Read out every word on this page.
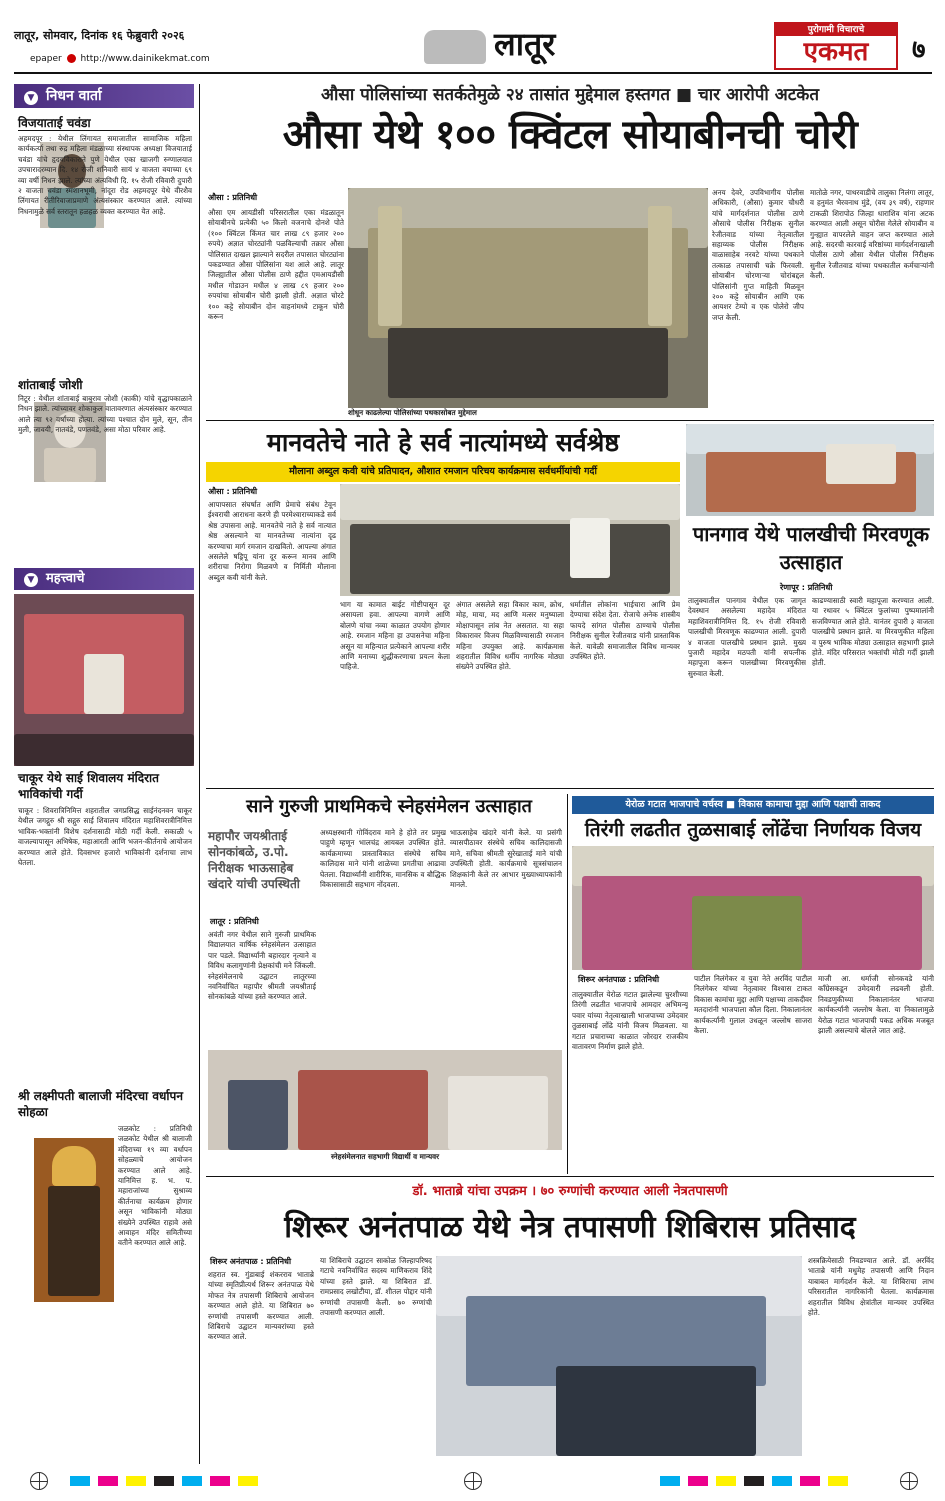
लातूर, सोमवार, दिनांक १६ फेब्रुवारी २०२६
epaper http://www.dainikekmat.com	लातूर	पुरोगामी विचाराचे
एकमत	७
▼ निधन वार्ता
विजयाताई चवंडा
अहमदपूर : येथील लिंगायत समाजातील सामाजिक महिला कार्यकर्त्या तथा रुद्र महिला मंडळाच्या संस्थापक अध्यक्षा विजयाताई चवंडा यांचे हृदयविकाराने पुणे येथील एका खाजगी रुग्णालयात उपचारादरम्यान दि. १४ रोजी शनिवारी सायं ४ वाजता वयाच्या ६९ व्या वर्षी निधन झाले. त्यांच्या अंत्यविधी दि. १५ रोजी रविवारी दुपारी २ वाजता चवंडा स्मशानभूमी, नांदूरा रोड अहमदपूर येथे वीरशैव लिंगायत रीतीरिवाजाप्रमाणे अंत्यसंस्कार करण्यात आले. त्यांच्या निधनामुळे सर्व स्तरातून हळहळ व्यक्त करण्यात येत आहे.
शांताबाई जोशी
निटूर : येथील शांताबाई बाबुराव जोशी (काकी) यांचे वृद्धापकाळाने निधन झाले. त्यांच्यावर शोकाकुल वातावरणात अंत्यसंस्कार करण्यात आले त्या ९२ वर्षांच्या होत्या. त्यांच्या पश्चात दोन मुले, सून, तीन मुली, जावयी, नातवंडे, पणतवंडे, असा मोठा परिवार आहे.
▼ महत्त्वाचे
चाकूर येथे साई शिवालय मंदिरात भाविकांची गर्दी
चाकूर : शिवरात्रिनिमित्त शहरातील जगप्रसिद्ध साईनंदनवन चाकूर येथील जगद्गुरु श्री सद्गुरु साई शिवालय मंदिरात महाशिवरात्रीनिमित्त भाविक-भक्तांनी विशेष दर्शनासाठी मोठी गर्दी केली. सकाळी ५ वाजल्यापासून अभिषेक, महाआरती आणि भजन-कीर्तनाचे आयोजन करण्यात आले होते. दिवसभर हजारो भाविकांनी दर्शनाचा लाभ घेतला.
श्री लक्ष्मीपती बालाजी मंदिरचा वर्धापन सोहळा
जळकोट : प्रतिनिधी जळकोट येथील श्री बालाजी मंदिराच्या १९ व्या वर्धापन सोहळ्याचे आयोजन करण्यात आले आहे. यानिमित्त ह. भ. प. महाराजांच्या सुश्राव्य कीर्तनाचा कार्यक्रम होणार असून भाविकांनी मोठ्या संख्येने उपस्थित राहावे असे आवाहन मंदिर समितीच्या वतीने करण्यात आले आहे.
औसा पोलिसांच्या सतर्कतेमुळे २४ तासांत मुद्देमाल हस्तगत ■ चार आरोपी अटकेत
औसा येथे १०० क्विंटल सोयाबीनची चोरी
औसा : प्रतिनिधी
औसा एम आयडीसी परिसरातील एका मंडळातून सोयाबीनचे प्रत्येकी ५० किलो वजनाचे दोनशे पोते (१०० क्विंटल किंमत चार लाख ८९ हजार २०० रुपये) अज्ञात चोरट्यांनी पळविल्याची तक्रार औसा पोलिसात दाखल झाल्याने सदरील तपासात चोरट्यांना पकडण्यात औसा पोलिसांना यश आले आहे. लातूर जिल्ह्यातील औसा पोलीस ठाणे हद्दीत एमआयडीसी मधील गोडाउन मधील ४ लाख ८९ हजार २०० रुपयांचा सोयाबीन चोरी झाली होती. अज्ञात चोरटे १०० कट्टे सोयाबीन दोन वाहनांमध्ये टाकून चोरी करून
शोधून काढलेल्या पोलिसांच्या पथकासोबत मुद्देमाल
अनय देवरे, उपविभागीय पोलीस अधिकारी, (औसा) कुमार चौधरी यांचे मार्गदर्शनात पोलीस ठाणे औसाचे पोलीस निरीक्षक सुनील रेजीतवाड यांच्या नेतृत्वातील सहाय्यक पोलीस निरीक्षक वाळासाहेब नरवटे यांच्या पथकाने तत्काळ तपासाची चक्रे फिरवली. सोयाबीन चोरणाऱ्या चोरांबद्दल पोलिसांनी गुप्त माहिती मिळवून २०० कट्टे सोयाबीन आणि एक आयशर टेम्पो व एक पोलेरो जीप जप्त केली.
मातोळे नगर, पाथरवाडीचे तालुका निलंगा लातूर, व हनुमंत भैरवनाथ मुंडे, (वय ३९ वर्ष), राहणार टाकळी शिरापोठ जिल्हा धाराशिव यांना अटक करण्यात आली असून चोरीस गेलेले सोयाबीन व गुन्ह्यात वापरलेले वाहन जप्त करण्यात आले आहे. सदरची कारवाई वरिष्ठांच्या मार्गदर्शनाखाली पोलीस ठाणे औसा येथील पोलीस निरीक्षक सुनील रेजीतवाड यांच्या पथकातील कर्मचाऱ्यांनी केली.
मानवतेचे नाते हे सर्व नात्यांमध्ये सर्वश्रेष्ठ
मौलाना अब्दुल कवी यांचे प्रतिपादन, औशात रमजान परिचय कार्यक्रमास सर्वधर्मीयांची गर्दी
औसा : प्रतिनिधी
आपापसात संघर्षात आणि प्रेमाचे संबंध टेवून ईश्वराची आराधना करणे ही परमेश्वाराच्याकडे सर्व श्रेष्ठ उपासना आहे. मानवतेचे नाते हे सर्व नात्यात श्रेष्ठ असल्याने या मानवतेच्या नात्यांना दृढ करण्याचा मार्ग रमजान दाखवितो. आपल्या अंगात असलेले षड्रिपू यांना दूर करून मानव आणि शरीराचा निरोगा मिळवणे व निर्मिती मौलाना अब्दुल कवी यांनी केले.
भाग या कामात बाईट गोष्टीपासून दूर असायला हवा. आपल्या वागणे आणि बोलणे यांचा नव्या काळात उपयोग होणार आहे. रमजान महिना हा उपासनेचा महिना असून या महिन्यात प्रत्येकाने आपल्या शरीर आणि मनाच्या शुद्धीकरणाचा प्रयत्न केला पाहिजे.
अंगात असलेले सहा विकार काम, क्रोध, मोह, माया, मद आणि मत्सर मनुष्याला मोक्षापासून लांब नेत असतात. या सहा विकारावर विजय मिळविण्यासाठी रमजान महिना उपयुक्त आहे. कार्यक्रमास शहरातील विविध धर्मीय नागरिक मोठ्या संख्येने उपस्थित होते.
धर्मातील लोकांना भाईचारा आणि प्रेम देण्याचा संदेश देता. रोजाचे अनेक शास्त्रीय फायदे सांगत पोलीस ठाण्याचे पोलीस निरीक्षक सुनील रेजीतवाड यांनी प्रास्ताविक केले. यावेळी समाजातील विविध मान्यवर उपस्थित होते.
पानगाव येथे पालखीची मिरवणूक उत्साहात
रेणापूर : प्रतिनिधी
तालुक्यातील पानगाव येथील एक जागृत देवस्थान असलेल्या महादेव मंदिरात महाशिवरात्रीनिमित्त दि. १५ रोजी रविवारी पालखीची मिरवणूक काढण्यात आली. दुपारी ४ वाजता पालखीचे प्रस्थान झाले. मुख्य पुजारी महादेव मठपती यांनी सपत्नीक महापूजा करून पालखीच्या मिरवणुकीस सुरुवात केली.
काढण्यासाठी स्वारी महापूजा करण्यात आली. या रथावर ५ क्विंटल फुलांच्या पुष्पमालांनी सजविण्यात आले होते. यानंतर दुपारी ३ वाजता पालखीचे प्रस्थान झाले. या मिरवणुकीत महिला व पुरुष भाविक मोठ्या उत्साहात सहभागी झाले होते. मंदिर परिसरात भक्तांची मोठी गर्दी झाली होती.
साने गुरुजी प्राथमिकचे स्नेहसंमेलन उत्साहात
महापौर जयश्रीताई सोनकांबळे, उ.पो. निरीक्षक भाऊसाहेब खंदारे यांची उपस्थिती
लातूर : प्रतिनिधी
अवंती नगर येथील साने गुरुजी प्राथमिक विद्यालयात वार्षिक स्नेहसंमेलन उत्साहात पार पडले. विद्यार्थ्यांनी बहारदार नृत्याने व विविध कलागुणांनी प्रेक्षकांची मने जिंकली. स्नेहसंमेलनाचे उद्घाटन लातूरच्या नवनिर्वाचित महापौर श्रीमती जयश्रीताई सोनकांबळे यांच्या हस्ते करण्यात आले.
अध्यक्षस्थानी गोविंदराव माने हे होते तर प्रमुख पाहुणे म्हणून भालचंद्र आयबल उपस्थित होते. कार्यक्रमाच्या प्रास्ताविकात संस्थेचे सचिव कालिदास माने यांनी शाळेच्या प्रगतीचा आढावा घेतला. विद्यार्थ्यांनी शारीरिक, मानसिक व बौद्धिक विकासासाठी सहभाग नोंदवला.
भाऊसाहेब खंदारे यांनी केले. या प्रसंगी व्यासपीठावर संस्थेचे सचिव कालिदासजी माने, सचिवा श्रीमती सुरेखाताई माने यांची उपस्थिती होती. कार्यक्रमाचे सूत्रसंचालन शिक्षकांनी केले तर आभार मुख्याध्यापकांनी मानले.
स्नेहसंमेलनात सहभागी विद्यार्थी व मान्यवर
येरोळ गटात भाजपाचे वर्चस्व ■ विकास कामाचा मुद्दा आणि पक्षाची ताकद
तिरंगी लढतीत तुळसाबाई लोंढेंचा निर्णायक विजय
शिरूर अनंतपाळ : प्रतिनिधी
तालुक्यातील येरोळ गटात झालेल्या चुरशीच्या तिरंगी लढतीत भाजपाचे आमदार अभिमन्यू पवार यांच्या नेतृत्वाखाली भाजपाच्या उमेदवार तुळसाबाई लोंढे यांनी विजय मिळवला. या गटात प्रचाराच्या काळात जोरदार राजकीय वातावरण निर्माण झाले होते.
पाटील निलंगेकर व युवा नेते अरविंद पाटील निलंगेकर यांच्या नेतृत्वावर विश्वास टाकत विकास कामांचा मुद्दा आणि पक्षाच्या ताकदीवर मतदारांनी भाजपाला कौल दिला. निकालानंतर कार्यकर्त्यांनी गुलाल उधळून जल्लोष साजरा केला.
माजी आ. धर्माजी सोनकवडे यांनी काँग्रेसकडून उमेदवारी लढवली होती. निवडणुकीच्या निकालानंतर भाजपा कार्यकर्त्यांनी जल्लोष केला. या निकालामुळे येरोळ गटात भाजपाची पकड अधिक मजबूत झाली असल्याचे बोलले जात आहे.
डॉ. भाताब्रे यांचा उपक्रम । ७० रुग्णांची करण्यात आली नेत्रतपासणी
शिरूर अनंतपाळ येथे नेत्र तपासणी शिबिरास प्रतिसाद
शिरूर अनंतपाळ : प्रतिनिधी
शहरात स्व. गुंडाबाई शंकरराव भाताब्रे यांच्या स्मृतिप्रीत्यर्थ शिरूर अनंतपाळ येथे मोफत नेत्र तपासणी शिबिराचे आयोजन करण्यात आले होते. या शिबिरात ७० रुग्णांची तपासणी करण्यात आली. शिबिराचे उद्घाटन मान्यवरांच्या हस्ते करण्यात आले.
या शिबिराचे उद्घाटन साकोळ जिल्हापरिषद गटाचे नवनिर्वाचित सदस्य माणिकराव शिंदे यांच्या हस्ते झाले. या शिबिरात डॉ. रामप्रसाद लखोटीया, डॉ. शीतल पोद्दार यांनी रुग्णांची तपासणी केली. ७० रुग्णांची तपासणी करण्यात आली.
शस्त्रक्रियेसाठी निवडण्यात आले. डॉ. अरविंद भाताब्रे यांनी मधुमेह तपासणी आणि निदान याबाबत मार्गदर्शन केले. या शिबिराचा लाभ परिसरातील नागरिकांनी घेतला. कार्यक्रमास शहरातील विविध क्षेत्रांतील मान्यवर उपस्थित होते.
